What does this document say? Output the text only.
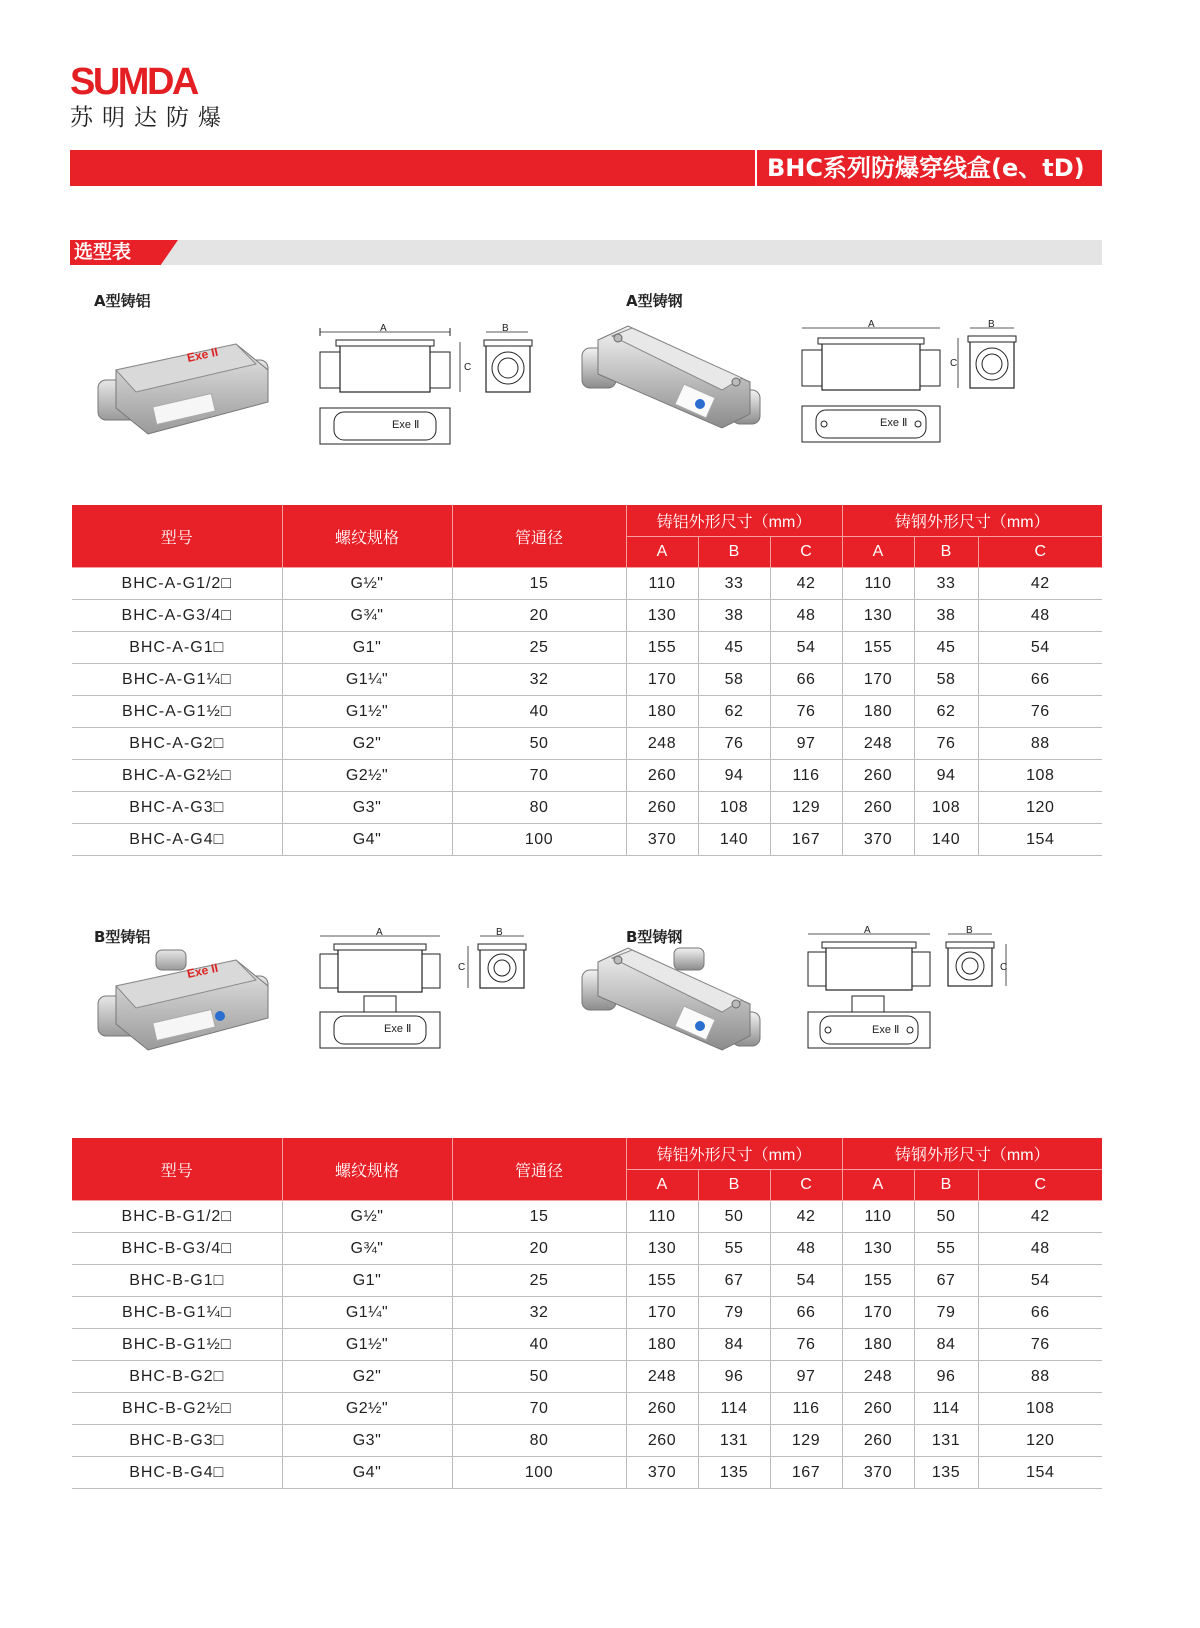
SUMDA
苏明达防爆
BHC系列防爆穿线盒(e、tD)
选型表
A型铸铝	A型铸钢
B型铸铝	B型铸钢
Exe II
Exe II
A
C
B
Exe Ⅱ
A	B
C
Exe Ⅱ
型号	螺纹规格	管通径	铸铝外形尺寸（mm）			铸钢外形尺寸（mm）		
			A	B	C	A	B	C
BHC-A-G1/2□	G½"	15	110	33	42	110	33	42
BHC-A-G3/4□	G¾"	20	130	38	48	130	38	48
BHC-A-G1□	G1"	25	155	45	54	155	45	54
BHC-A-G1¼□	G1¼"	32	170	58	66	170	58	66
BHC-A-G1½□	G1½"	40	180	62	76	180	62	76
BHC-A-G2□	G2"	50	248	76	97	248	76	88
BHC-A-G2½□	G2½"	70	260	94	116	260	94	108
BHC-A-G3□	G3"	80	260	108	129	260	108	120
BHC-A-G4□	G4"	100	370	140	167	370	140	154
A	B
C
Exe Ⅱ
A	B
C
Exe Ⅱ
型号	螺纹规格	管通径	铸铝外形尺寸（mm）			铸钢外形尺寸（mm）		
			A	B	C	A	B	C
BHC-B-G1/2□	G½"	15	110	50	42	110	50	42
BHC-B-G3/4□	G¾"	20	130	55	48	130	55	48
BHC-B-G1□	G1"	25	155	67	54	155	67	54
BHC-B-G1¼□	G1¼"	32	170	79	66	170	79	66
BHC-B-G1½□	G1½"	40	180	84	76	180	84	76
BHC-B-G2□	G2"	50	248	96	97	248	96	88
BHC-B-G2½□	G2½"	70	260	114	116	260	114	108
BHC-B-G3□	G3"	80	260	131	129	260	131	120
BHC-B-G4□	G4"	100	370	135	167	370	135	154
